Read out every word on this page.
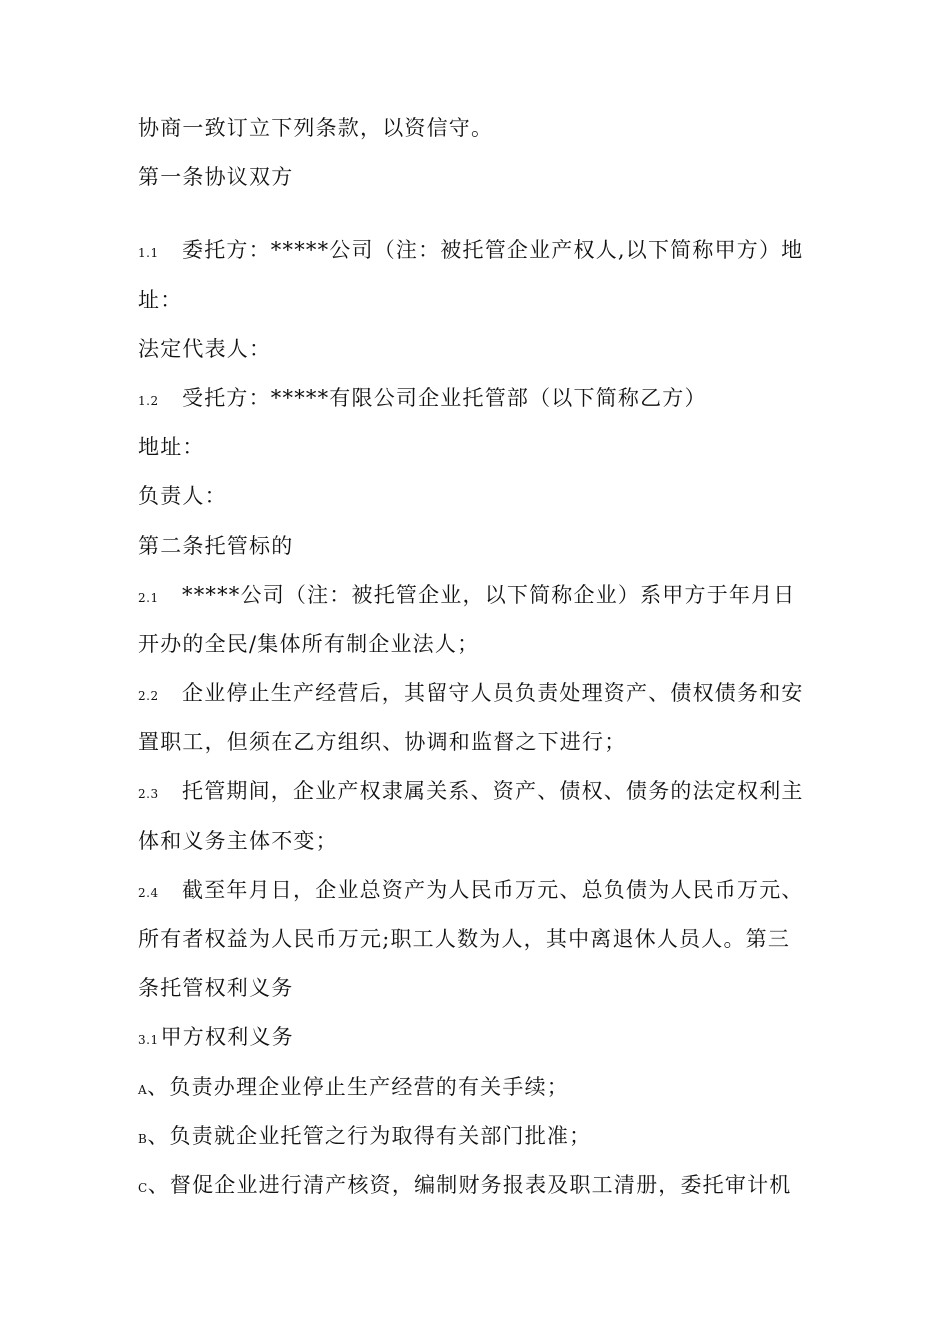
协商一致订立下列条款，以资信守。
第一条协议双方
1.1 委托方：*****公司（注：被托管企业产权人,以下简称甲方）地
址：
法定代表人：
1.2 受托方：*****有限公司企业托管部（以下简称乙方）
地址：
负责人：
第二条托管标的
2.1 *****公司（注：被托管企业，以下简称企业）系甲方于年月日
开办的全民/集体所有制企业法人；
2.2 企业停止生产经营后，其留守人员负责处理资产、债权债务和安
置职工，但须在乙方组织、协调和监督之下进行；
2.3 托管期间，企业产权隶属关系、资产、债权、债务的法定权利主
体和义务主体不变；
2.4 截至年月日，企业总资产为人民币万元、总负债为人民币万元、
所有者权益为人民币万元;职工人数为人，其中离退休人员人。第三
条托管权利义务
3.1甲方权利义务
A、负责办理企业停止生产经营的有关手续；
B、负责就企业托管之行为取得有关部门批准；
C、督促企业进行清产核资，编制财务报表及职工清册，委托审计机
